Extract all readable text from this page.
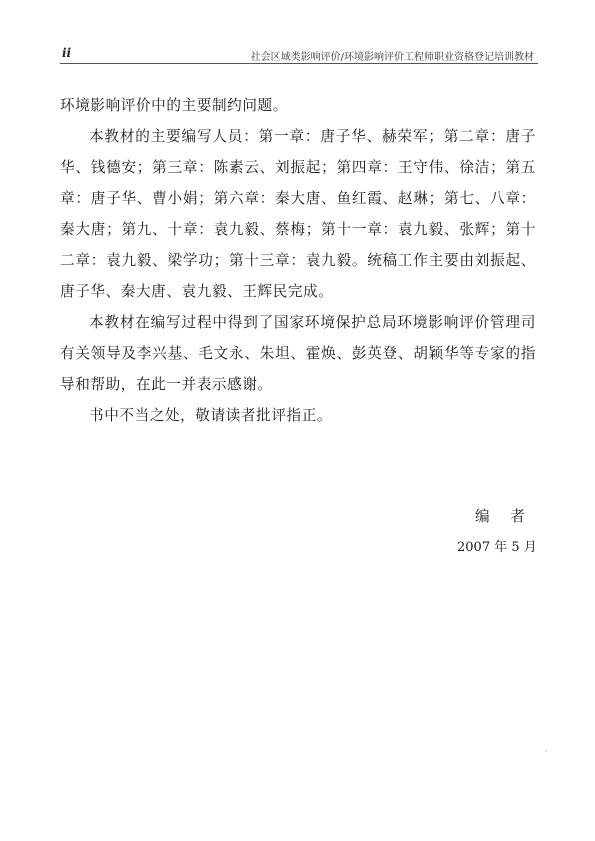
ii	社会区域类影响评价/环境影响评价工程师职业资格登记培训教材

环境影响评价中的主要制约问题。

本教材的主要编写人员：第一章：唐子华、赫荣军；第二章：唐子华、钱德安；第三章：陈素云、刘振起；第四章：王守伟、徐洁；第五章：唐子华、曹小娟；第六章：秦大唐、鱼红霞、赵琳；第七、八章：秦大唐；第九、十章：袁九毅、蔡梅；第十一章：袁九毅、张辉；第十二章：袁九毅、梁学功；第十三章：袁九毅。统稿工作主要由刘振起、唐子华、秦大唐、袁九毅、王辉民完成。

本教材在编写过程中得到了国家环境保护总局环境影响评价管理司有关领导及李兴基、毛文永、朱坦、霍焕、彭英登、胡颖华等专家的指导和帮助，在此一并表示感谢。

书中不当之处，敬请读者批评指正。

编 者
2007 年 5 月
